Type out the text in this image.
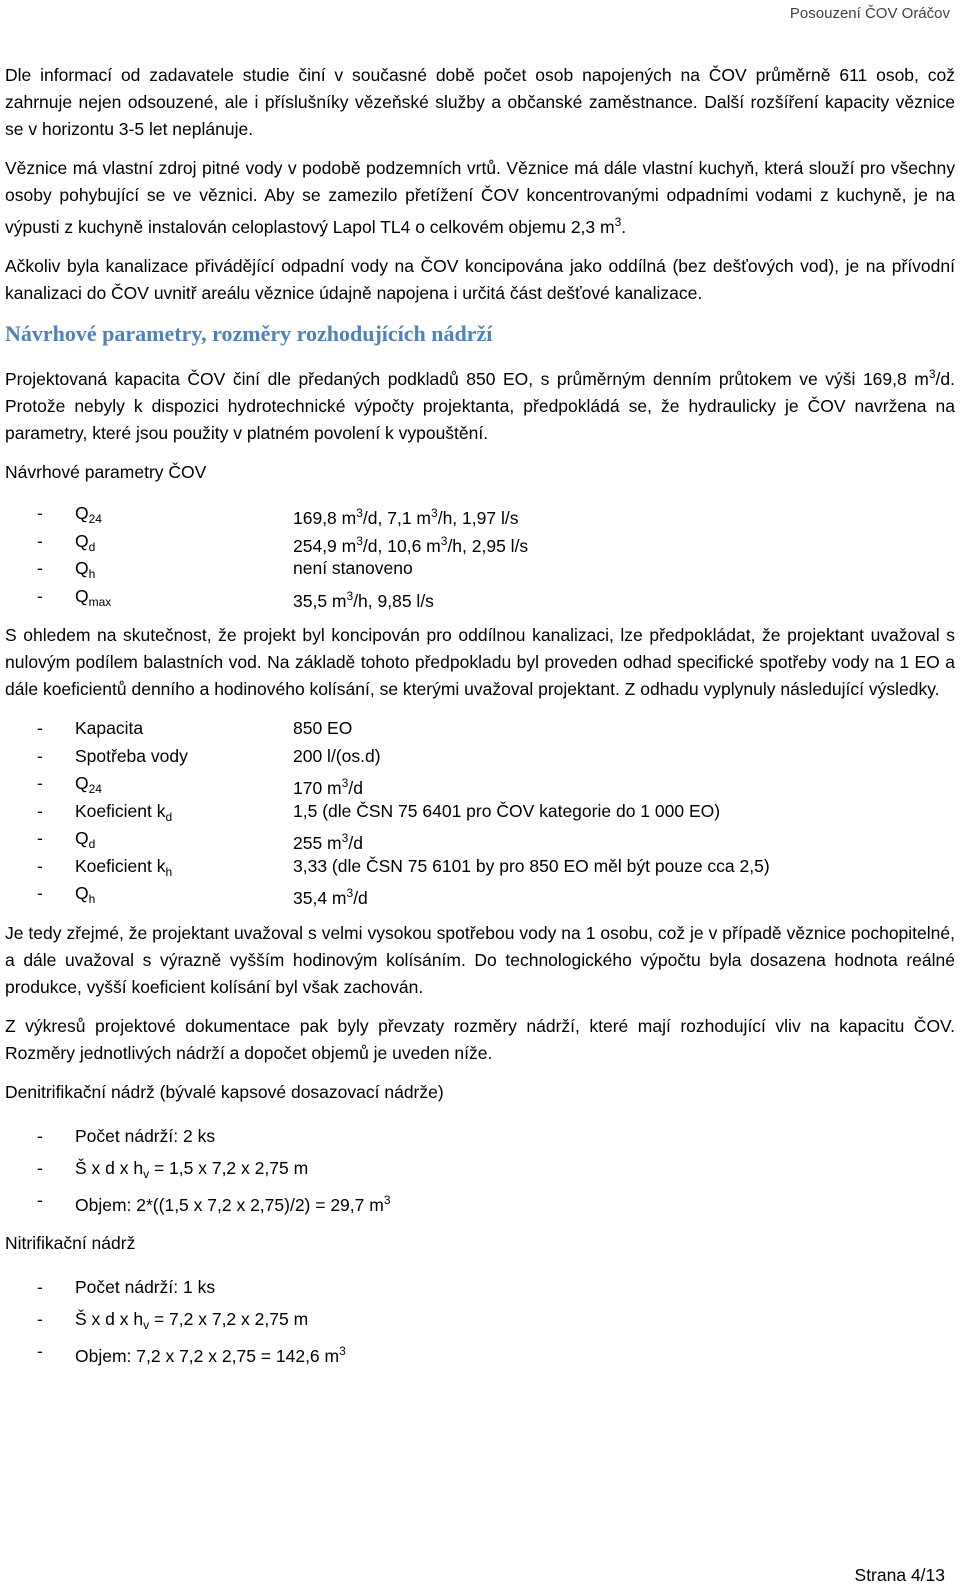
Posouzení ČOV Oráčov

Dle informací od zadavatele studie činí v současné době počet osob napojených na ČOV průměrně 611 osob, což zahrnuje nejen odsouzené, ale i příslušníky vězeňské služby a občanské zaměstnance. Další rozšíření kapacity věznice se v horizontu 3-5 let neplánuje.

Věznice má vlastní zdroj pitné vody v podobě podzemních vrtů. Věznice má dále vlastní kuchyň, která slouží pro všechny osoby pohybující se ve věznici. Aby se zamezilo přetížení ČOV koncentrovanými odpadními vodami z kuchyně, je na výpusti z kuchyně instalován celoplastový Lapol TL4 o celkovém objemu 2,3 $m^3$.

Ačkoliv byla kanalizace přivádějící odpadní vody na ČOV koncipována jako oddílná (bez dešťových vod), je na přívodní kanalizaci do ČOV uvnitř areálu věznice údajně napojena i určitá část dešťové kanalizace.

Návrhové parametry, rozměry rozhodujících nádrží

Projektovaná kapacita ČOV činí dle předaných podkladů 850 EO, s průměrným denním průtokem ve výši 169,8 $m^3/d$. Protože nebyly k dispozici hydrotechnické výpočty projektanta, předpokládá se, že hydraulicky je ČOV navržena na parametry, které jsou použity v platném povolení k vypouštění.

Návrhové parametry ČOV

-	$Q_{24}$	169,8 $m^3/d$, 7,1 $m^3/h$, 1,97 l/s
-	$Q_d$	254,9 $m^3/d$, 10,6 $m^3/h$, 2,95 l/s
-	$Q_h$	není stanoveno
-	$Q_{max}$	35,5 $m^3/h$, 9,85 l/s

S ohledem na skutečnost, že projekt byl koncipován pro oddílnou kanalizaci, lze předpokládat, že projektant uvažoval s nulovým podílem balastních vod. Na základě tohoto předpokladu byl proveden odhad specifické spotřeby vody na 1 EO a dále koeficientů denního a hodinového kolísání, se kterými uvažoval projektant. Z odhadu vyplynuly následující výsledky.

-	Kapacita	850 EO
-	Spotřeba vody	200 l/(os.d)
-	$Q_{24}$	170 $m^3/d$
-	Koeficient $k_d$	1,5 (dle ČSN 75 6401 pro ČOV kategorie do 1 000 EO)
-	$Q_d$	255 $m^3/d$
-	Koeficient $k_h$	3,33 (dle ČSN 75 6101 by pro 850 EO měl být pouze cca 2,5)
-	$Q_h$	35,4 $m^3/d$

Je tedy zřejmé, že projektant uvažoval s velmi vysokou spotřebou vody na 1 osobu, což je v případě věznice pochopitelné, a dále uvažoval s výrazně vyšším hodinovým kolísáním. Do technologického výpočtu byla dosazena hodnota reálné produkce, vyšší koeficient kolísání byl však zachován.

Z výkresů projektové dokumentace pak byly převzaty rozměry nádrží, které mají rozhodující vliv na kapacitu ČOV. Rozměry jednotlivých nádrží a dopočet objemů je uveden níže.

Denitrifikační nádrž (bývalé kapsové dosazovací nádrže)

-	Počet nádrží: 2 ks
-	Š x d x $h_v = 1,5$ x 7,2 x 2,75 m
-	Objem: 2*((1,5 x 7,2 x 2,75)/2) = 29,7 $m^3$

Nitrifikační nádrž

-	Počet nádrží: 1 ks
-	Š x d x $h_v = 7,2$ x 7,2 x 2,75 m
-	Objem: 7,2 x 7,2 x 2,75 = 142,6 $m^3$
Strana 4/13
